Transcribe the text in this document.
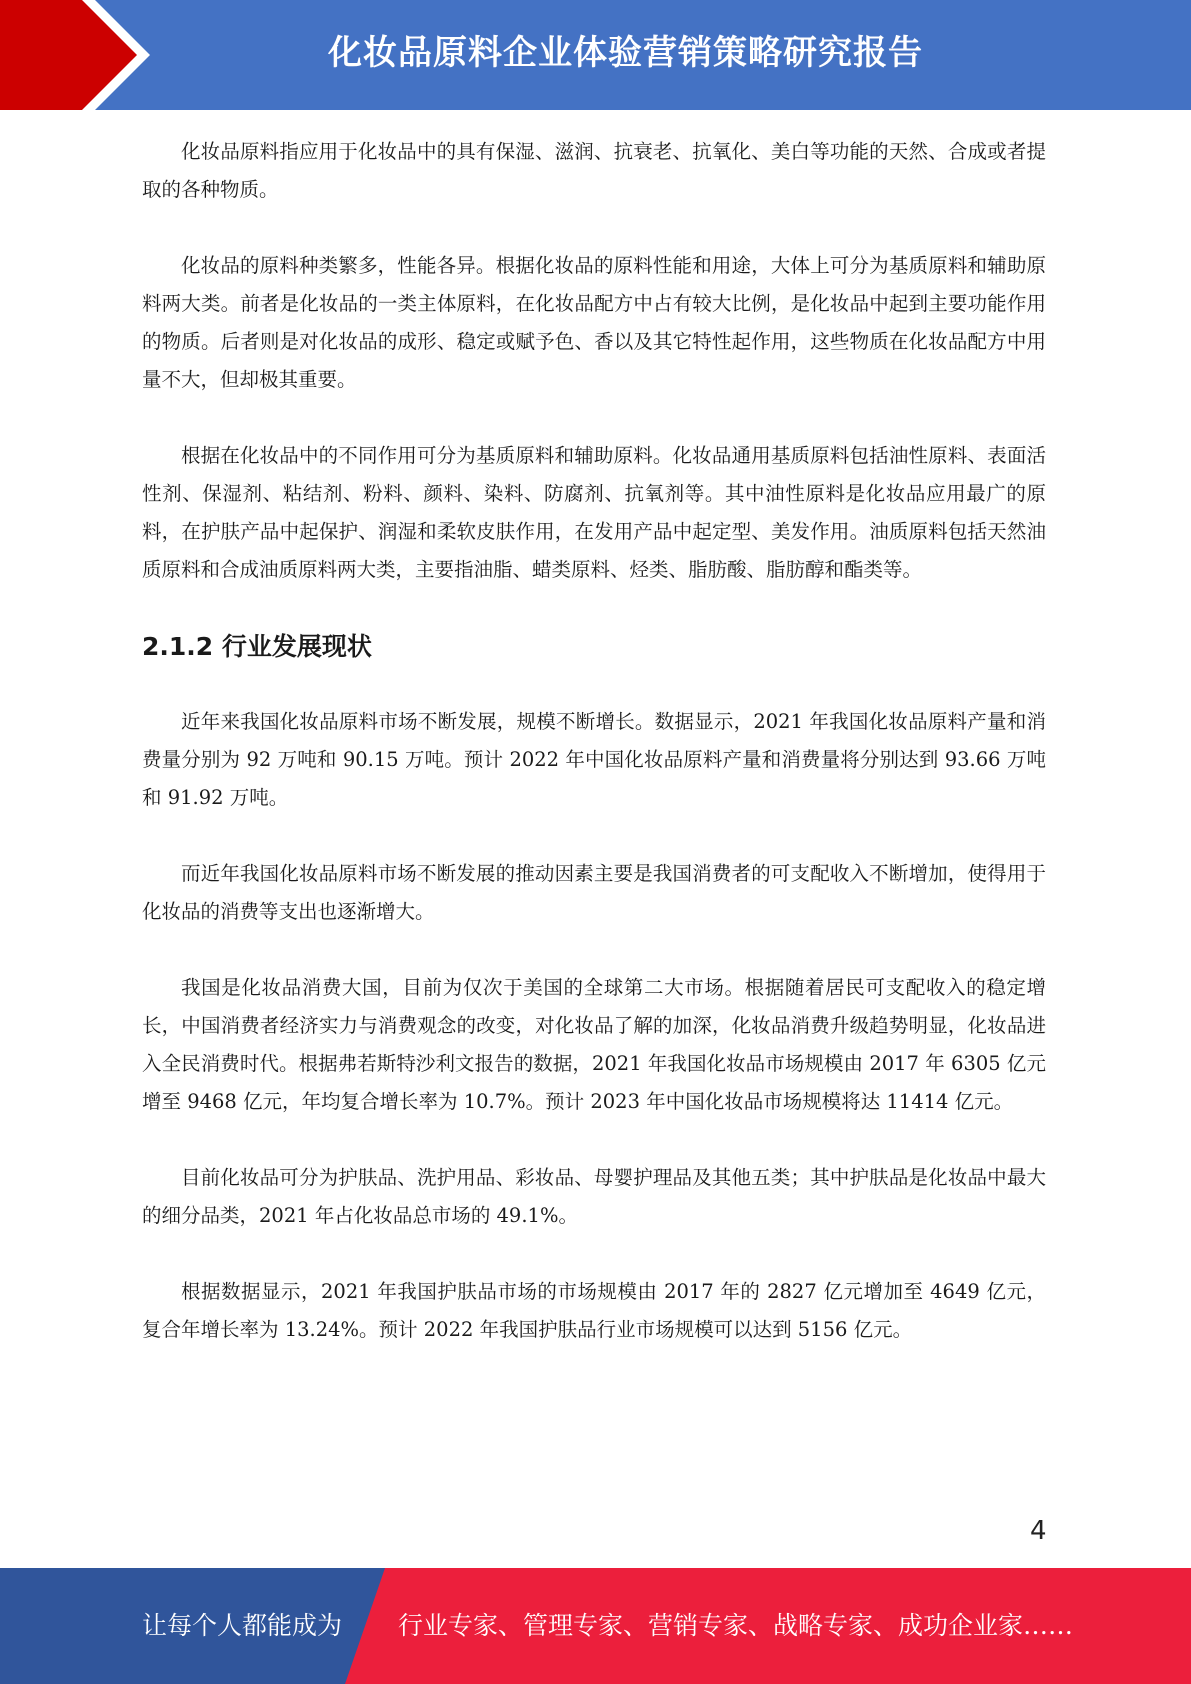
化妆品原料企业体验营销策略研究报告

化妆品原料指应用于化妆品中的具有保湿、滋润、抗衰老、抗氧化、美白等功能的天然、合成或者提取的各种物质。

化妆品的原料种类繁多，性能各异。根据化妆品的原料性能和用途，大体上可分为基质原料和辅助原料两大类。前者是化妆品的一类主体原料，在化妆品配方中占有较大比例，是化妆品中起到主要功能作用的物质。后者则是对化妆品的成形、稳定或赋予色、香以及其它特性起作用，这些物质在化妆品配方中用量不大，但却极其重要。

根据在化妆品中的不同作用可分为基质原料和辅助原料。化妆品通用基质原料包括油性原料、表面活性剂、保湿剂、粘结剂、粉料、颜料、染料、防腐剂、抗氧剂等。其中油性原料是化妆品应用最广的原料，在护肤产品中起保护、润湿和柔软皮肤作用，在发用产品中起定型、美发作用。油质原料包括天然油质原料和合成油质原料两大类，主要指油脂、蜡类原料、烃类、脂肪酸、脂肪醇和酯类等。

2.1.2 行业发展现状

近年来我国化妆品原料市场不断发展，规模不断增长。数据显示，2021 年我国化妆品原料产量和消费量分别为 92 万吨和 90.15 万吨。预计 2022 年中国化妆品原料产量和消费量将分别达到 93.66 万吨和 91.92 万吨。

而近年我国化妆品原料市场不断发展的推动因素主要是我国消费者的可支配收入不断增加，使得用于化妆品的消费等支出也逐渐增大。

我国是化妆品消费大国，目前为仅次于美国的全球第二大市场。根据随着居民可支配收入的稳定增长，中国消费者经济实力与消费观念的改变，对化妆品了解的加深，化妆品消费升级趋势明显，化妆品进入全民消费时代。根据弗若斯特沙利文报告的数据，2021 年我国化妆品市场规模由 2017 年 6305 亿元增至 9468 亿元，年均复合增长率为 10.7%。预计 2023 年中国化妆品市场规模将达 11414 亿元。

目前化妆品可分为护肤品、洗护用品、彩妆品、母婴护理品及其他五类；其中护肤品是化妆品中最大的细分品类，2021 年占化妆品总市场的 49.1%。

根据数据显示，2021 年我国护肤品市场的市场规模由 2017 年的 2827 亿元增加至 4649 亿元，复合年增长率为 13.24%。预计 2022 年我国护肤品行业市场规模可以达到 5156 亿元。

4
让每个人都能成为 行业专家、管理专家、营销专家、战略专家、成功企业家……
